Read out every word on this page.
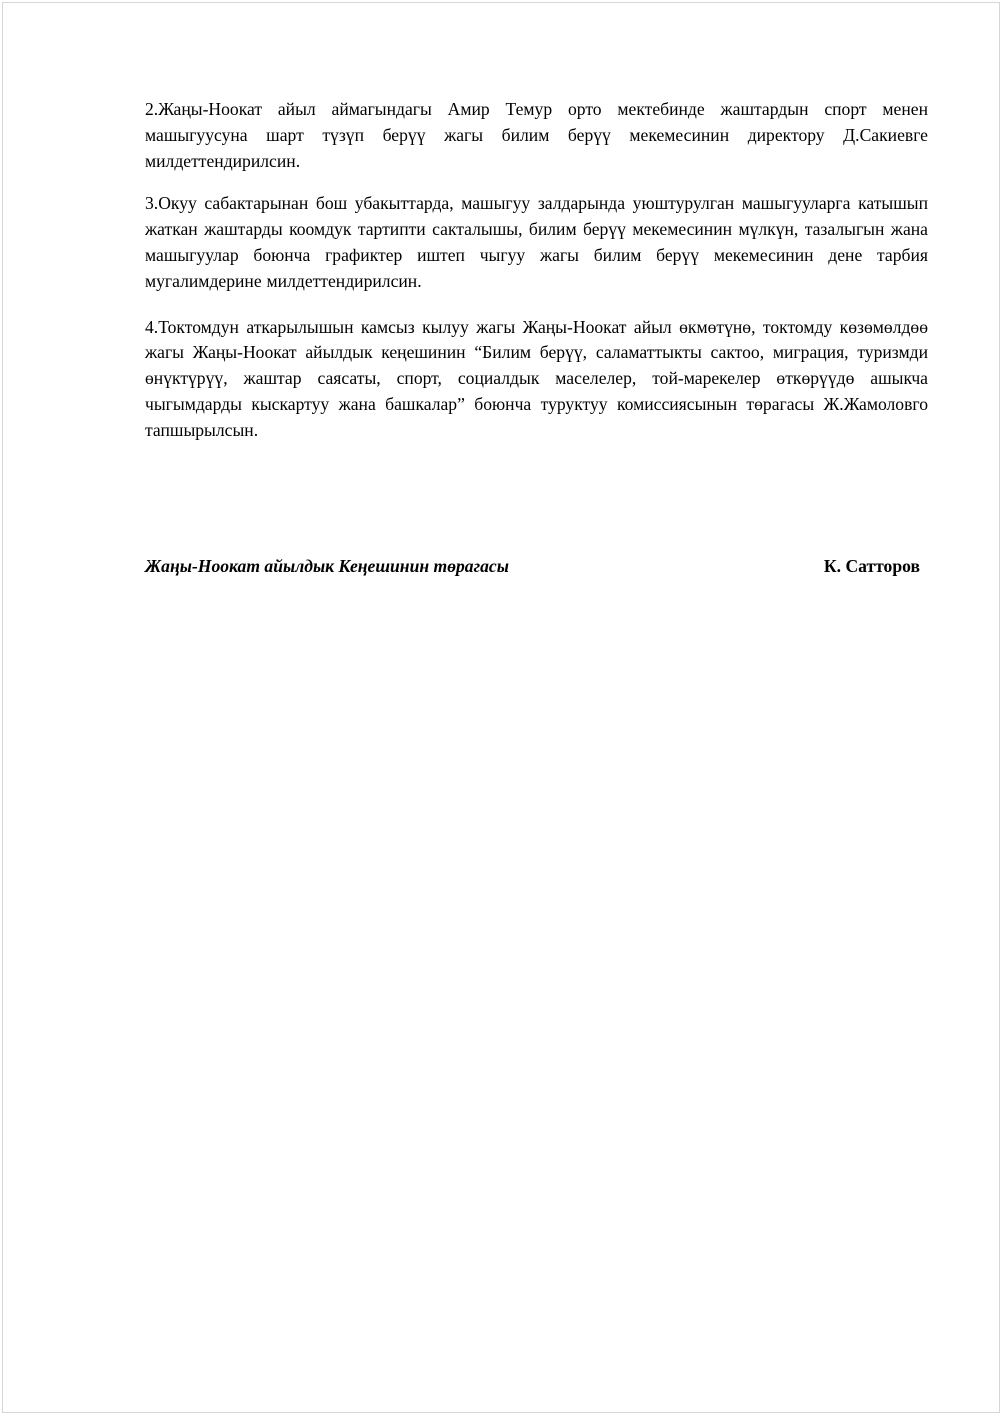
2.Жаңы-Ноокат айыл аймагындагы Амир Темур орто мектебинде жаштардын спорт менен машыгуусуна шарт түзүп берүү жагы билим берүү мекемесинин директору Д.Сакиевге милдеттендирилсин.

3.Окуу сабактарынан бош убакыттарда, машыгуу залдарында уюштурулган машыгууларга катышып жаткан жаштарды коомдук тартипти сакталышы, билим берүү мекемесинин мүлкүн, тазалыгын жана машыгуулар боюнча графиктер иштеп чыгуу жагы билим берүү мекемесинин дене тарбия мугалимдерине милдеттендирилсин.

4.Токтомдун аткарылышын камсыз кылуу жагы Жаңы-Ноокат айыл өкмөтүнө, токтомду көзөмөлдөө жагы Жаңы-Ноокат айылдык кеңешинин “Билим берүү, саламаттыкты сактоо, миграция, туризмди өнүктүрүү, жаштар саясаты, спорт, социалдык маселелер, той-марекелер өткөрүүдө ашыкча чыгымдарды кыскартуу жана башкалар” боюнча туруктуу комиссиясынын төрагасы Ж.Жамоловго тапшырылсын.

Жаңы-Ноокат айылдык Кеңешинин төрагасы	К. Сатторов
